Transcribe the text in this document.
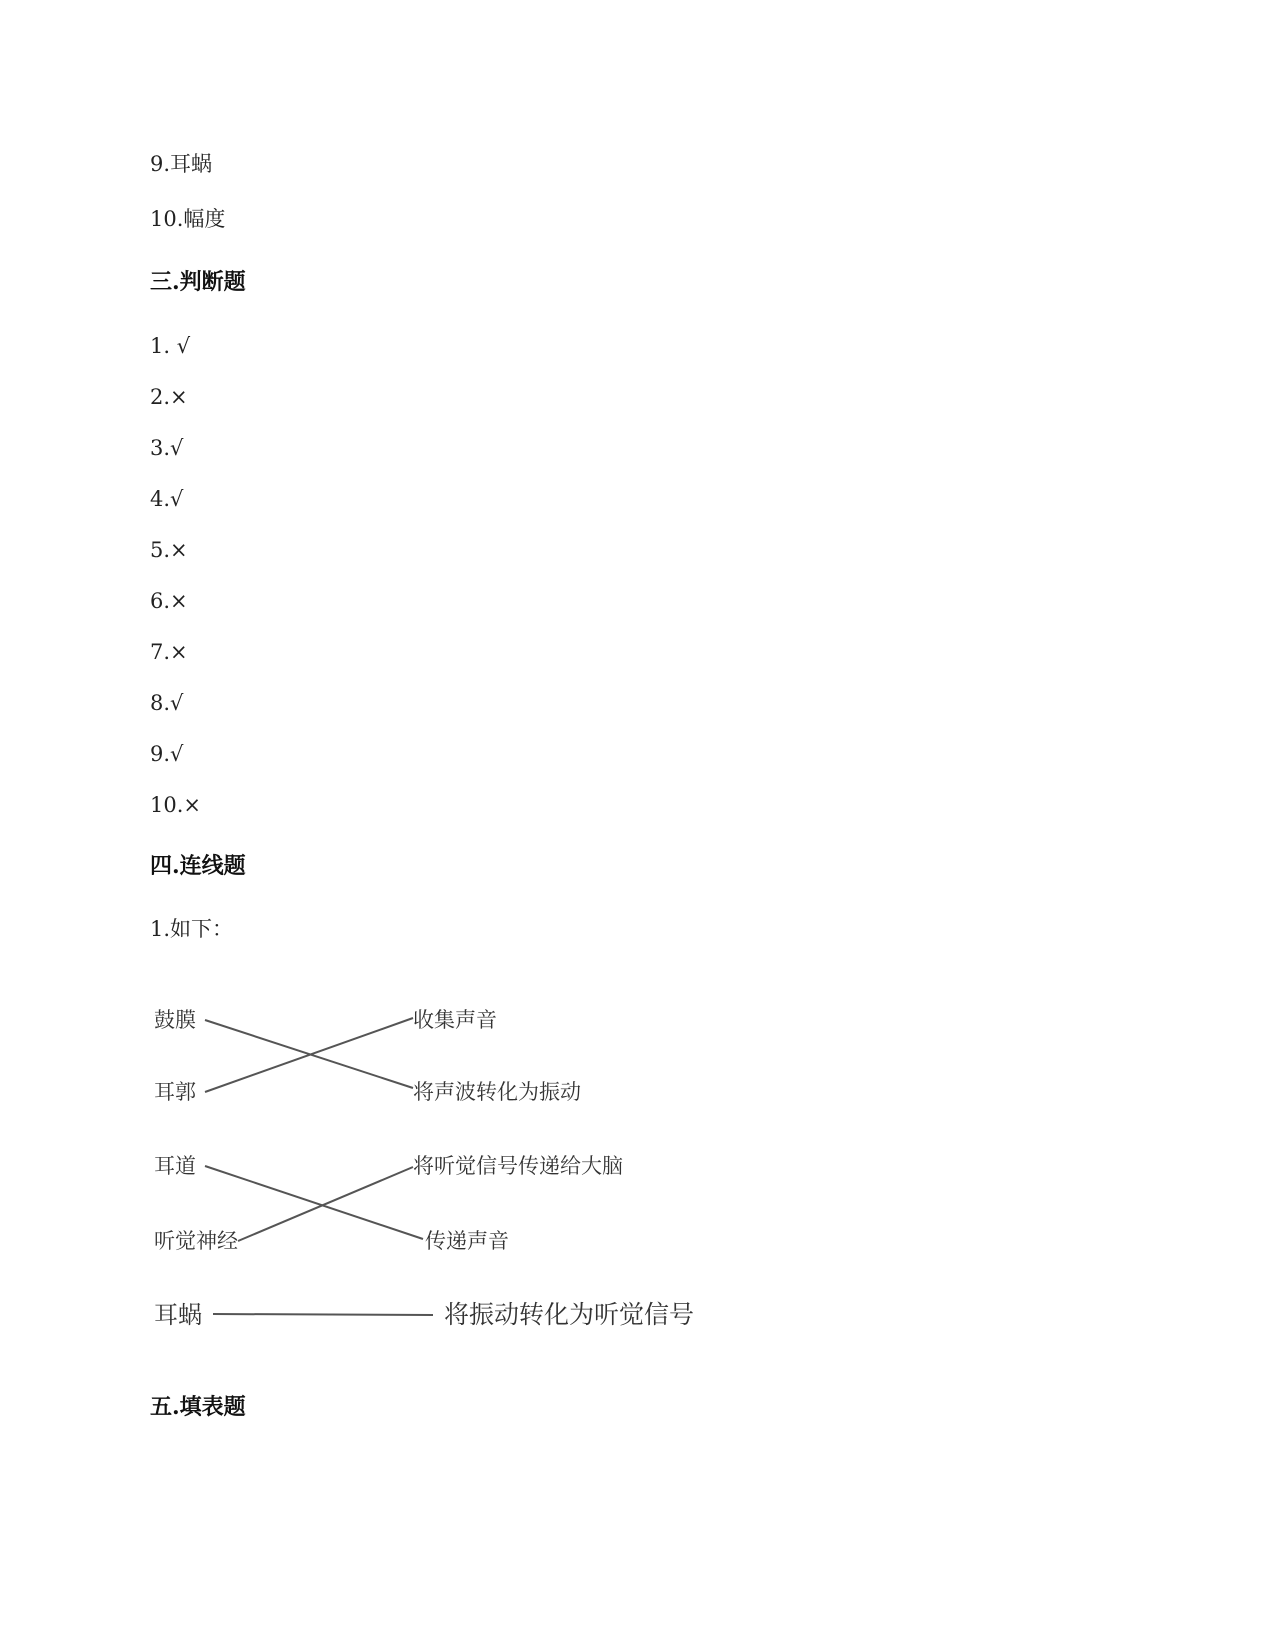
9.耳蜗
10.幅度
三.判断题
1. √
2.×
3.√
4.√
5.×
6.×
7.×
8.√
9.√
10.×
四.连线题
1.如下：
鼓膜
耳郭
耳道
听觉神经
耳蜗
收集声音
将声波转化为振动
将听觉信号传递给大脑
传递声音
将振动转化为听觉信号
五.填表题
